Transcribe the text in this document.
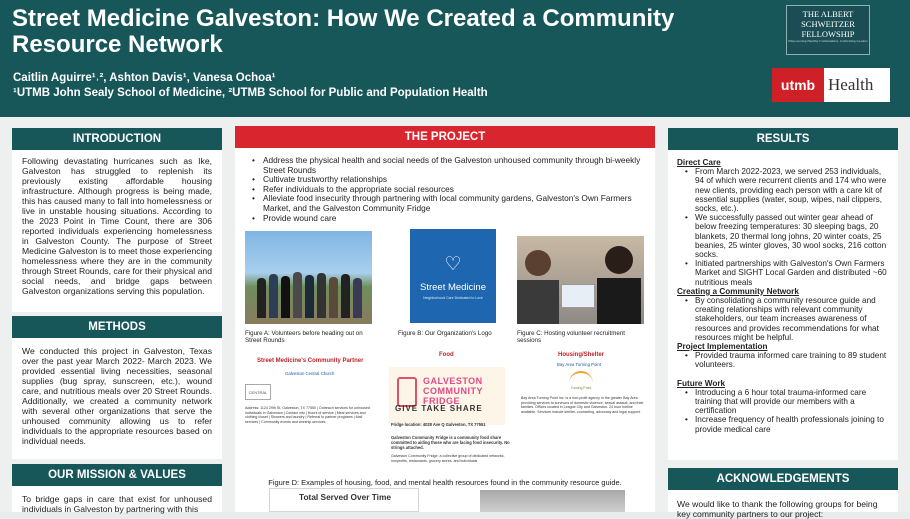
Street Medicine Galveston: How We Created a Community Resource Network
Caitlin Aguirre¹˒², Ashton Davis¹, Vanesa Ochoa¹
¹UTMB John Sealy School of Medicine, ²UTMB School for Public and Population Health
THE ALBERT
SCHWEITZER
FELLOWSHIP
Empowering Healthy Communities, Cultivating Leaders
utmb Health
INTRODUCTION
Following devastating hurricanes such as Ike, Galveston has struggled to replenish its previously existing affordable housing infrastructure. Although progress is being made, this has caused many to fall into homelessness or live in unstable housing situations. According to the 2023 Point in Time Count, there are 306 reported individuals experiencing homelessness in Galveston County. The purpose of Street Medicine Galveston is to meet those experiencing homelessness where they are in the community through Street Rounds, care for their physical and social needs, and bridge gaps between Galveston organizations serving this population.
METHODS
We conducted this project in Galveston, Texas over the past year March 2022- March 2023. We provided essential living necessities, seasonal supplies (bug spray, sunscreen, etc.), wound care, and nutritious meals over 20 Street Rounds. Additionally, we created a community network with several other organizations that serve the unhoused community allowing us to refer individuals to the appropriate resources based on individual needs.
OUR MISSION & VALUES
To bridge gaps in care that exist for unhoused individuals in Galveston by partnering with this
THE PROJECT
• Address the physical health and social needs of the Galveston unhoused community through bi-weekly Street Rounds
• Cultivate trustworthy relationships
• Refer individuals to the appropriate social resources
• Alleviate food insecurity through partnering with local community gardens, Galveston's Own Farmers Market, and the Galveston Community Fridge
• Provide wound care
Figure A: Volunteers before heading out on Street Rounds
♡
Street Medicine
Neighborhood Care Dedicated to Love
Figure B: Our Organization's Logo	Figure C: Hosting volunteer recruitment sessions
Street Medicine's Community Partner
Galveston Central Church
CENTRAL
Address: 1124 29th St, Galveston, TX 77550 | Outreach services for unhoused individuals in Galveston | Contact info | Hours of service | Meal services and clothing closet | Showers and laundry | Referral to partner programs | Mail services | Community events and worship services
Food
GALVESTON
COMMUNITY
FRIDGE
GIVE TAKE SHARE
Fridge location: 4028 Ave Q Galveston, TX 77551
Galveston Community Fridge is a community food share committed to aiding those who are facing food insecurity. No strings attached.
Galveston Community Fridge: a collective group of dedicated networks, nonprofits, restaurants, grocery stores, and individuals
Housing/Shelter
Bay Area Turning Point
Turning Point
Bay Area Turning Point Inc. is a non-profit agency in the greater Bay Area providing services to survivors of domestic violence, sexual assault, and their families. Offices located in League City and Galveston. 24 hour hotline available. Services include shelter, counseling, advocacy and legal support.
Figure D: Examples of housing, food, and mental health resources found in the community resource guide.
Total Served Over Time
RESULTS
Direct Care
• From March 2022-2023, we served 253 individuals, 94 of which were recurrent clients and 174 who were new clients, providing each person with a care kit of essential supplies (water, soup, wipes, nail clippers, socks, etc.).
• We successfully passed out winter gear ahead of below freezing temperatures: 30 sleeping bags, 20 blankets, 20 thermal long johns, 20 winter coats, 25 beanies, 25 winter gloves, 30 wool socks, 216 cotton socks.
• Initiated partnerships with Galveston's Own Farmers Market and SIGHT Local Garden and distributed ~60 nutritious meals
Creating a Community Network
• By consolidating a community resource guide and creating relationships with relevant community stakeholders, our team increases awareness of resources and provides recommendations for what resources might be helpful.
Project Implementation
• Provided trauma informed care training to 89 student volunteers.
Future Work
• Introducing a 6 hour total trauma-informed care training that will provide our members with a certification
• Increase frequency of health professionals joining to provide medical care
ACKNOWLEDGEMENTS
We would like to thank the following groups for being key community partners to our project:
